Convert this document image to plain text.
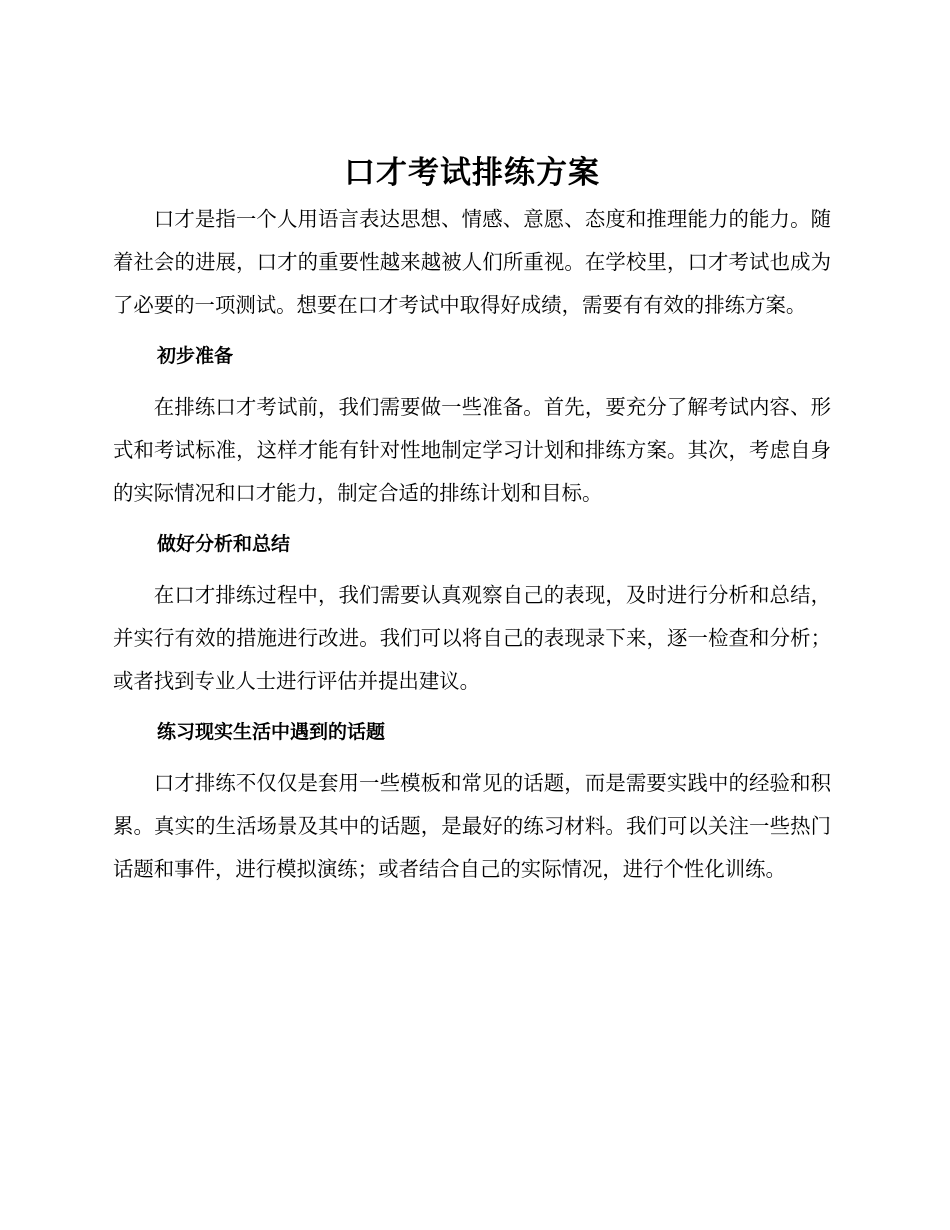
口才考试排练方案

口才是指一个人用语言表达思想、情感、意愿、态度和推理能力的能力。随着社会的进展，口才的重要性越来越被人们所重视。在学校里，口才考试也成为了必要的一项测试。想要在口才考试中取得好成绩，需要有有效的排练方案。

初步准备

在排练口才考试前，我们需要做一些准备。首先，要充分了解考试内容、形式和考试标准，这样才能有针对性地制定学习计划和排练方案。其次，考虑自身的实际情况和口才能力，制定合适的排练计划和目标。

做好分析和总结

在口才排练过程中，我们需要认真观察自己的表现，及时进行分析和总结，并实行有效的措施进行改进。我们可以将自己的表现录下来，逐一检查和分析；或者找到专业人士进行评估并提出建议。

练习现实生活中遇到的话题

口才排练不仅仅是套用一些模板和常见的话题，而是需要实践中的经验和积累。真实的生活场景及其中的话题，是最好的练习材料。我们可以关注一些热门话题和事件，进行模拟演练；或者结合自己的实际情况，进行个性化训练。
